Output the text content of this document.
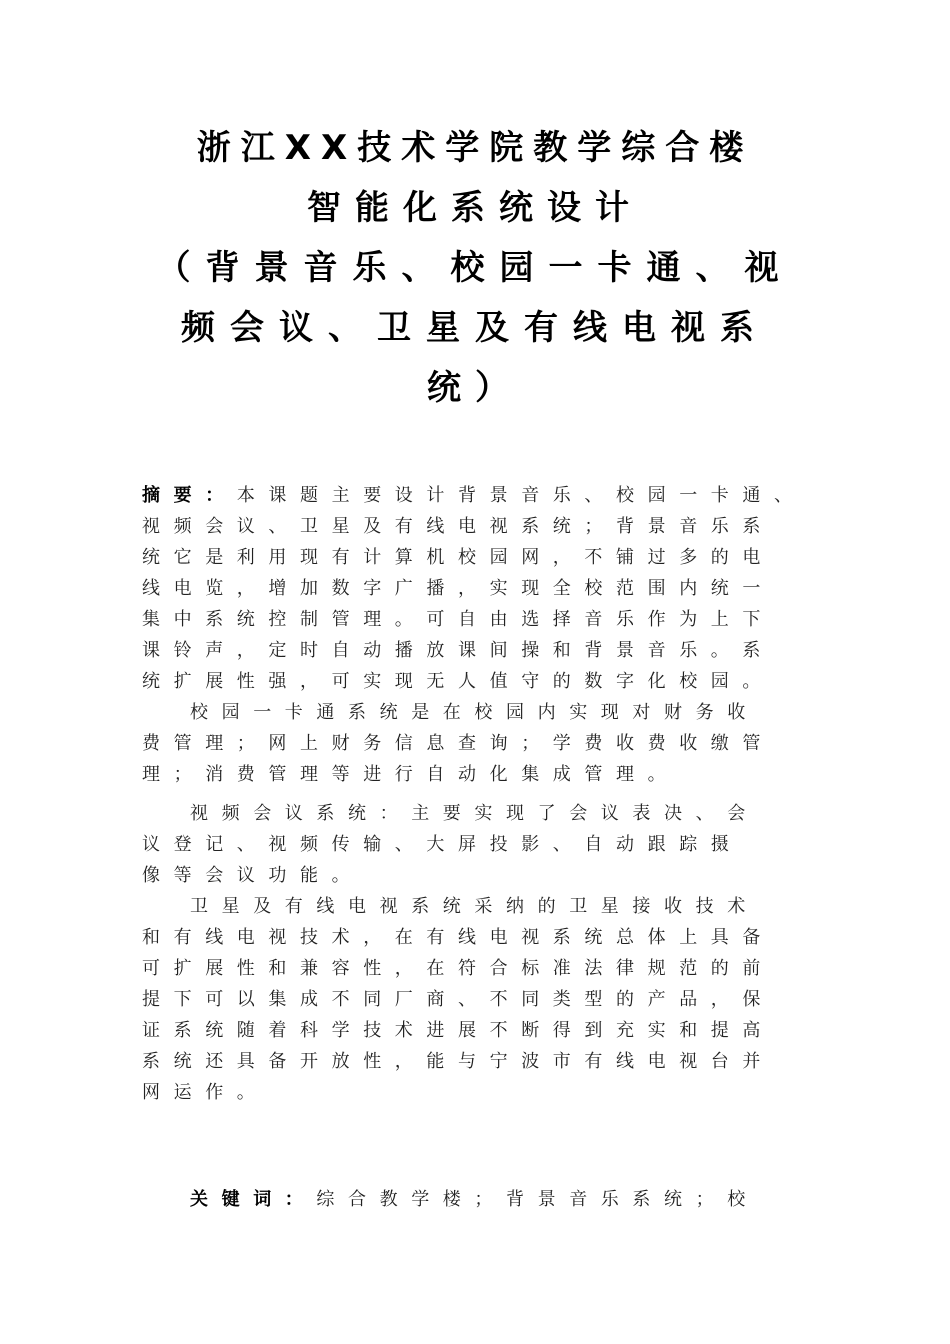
浙江XX技术学院教学综合楼
智能化系统设计
（背景音乐、校园一卡通、视
频会议、卫星及有线电视系
统）
摘要：本课题主要设计背景音乐、校园一卡通、
视频会议、卫星及有线电视系统；背景音乐系
统它是利用现有计算机校园网，不铺过多的电
线电览，增加数字广播，实现全校范围内统一
集中系统控制管理。可自由选择音乐作为上下
课铃声，定时自动播放课间操和背景音乐。系
统扩展性强，可实现无人值守的数字化校园。
校园一卡通系统是在校园内实现对财务收
费管理；网上财务信息查询；学费收费收缴管
理；消费管理等进行自动化集成管理。
视频会议系统：主要实现了会议表决、会
议登记、视频传输、大屏投影、自动跟踪摄
像等会议功能。
卫星及有线电视系统采纳的卫星接收技术
和有线电视技术，在有线电视系统总体上具备
可扩展性和兼容性，在符合标准法律规范的前
提下可以集成不同厂商、不同类型的产品，保
证系统随着科学技术进展不断得到充实和提高
系统还具备开放性，能与宁波市有线电视台并
网运作。
关键词：综合教学楼；背景音乐系统；校
